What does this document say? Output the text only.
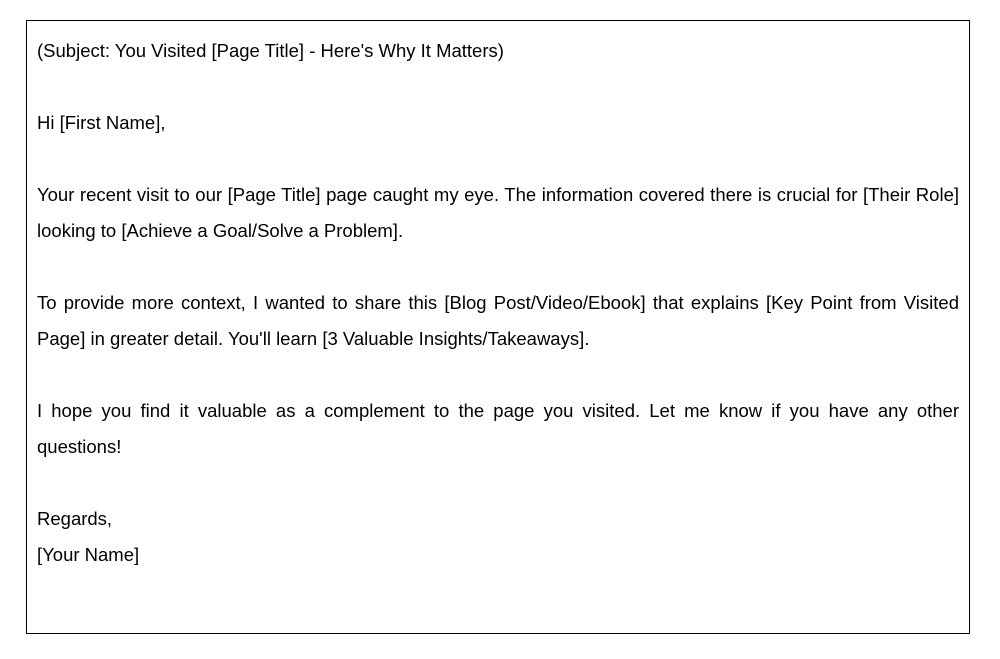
(Subject: You Visited [Page Title] - Here's Why It Matters)
Hi [First Name],

Your recent visit to our [Page Title] page caught my eye. The information covered there is crucial for [Their Role] looking to [Achieve a Goal/Solve a Problem].

To provide more context, I wanted to share this [Blog Post/Video/Ebook] that explains [Key Point from Visited Page] in greater detail. You'll learn [3 Valuable Insights/Takeaways].

I hope you find it valuable as a complement to the page you visited. Let me know if you have any other questions!

Regards,
[Your Name]
